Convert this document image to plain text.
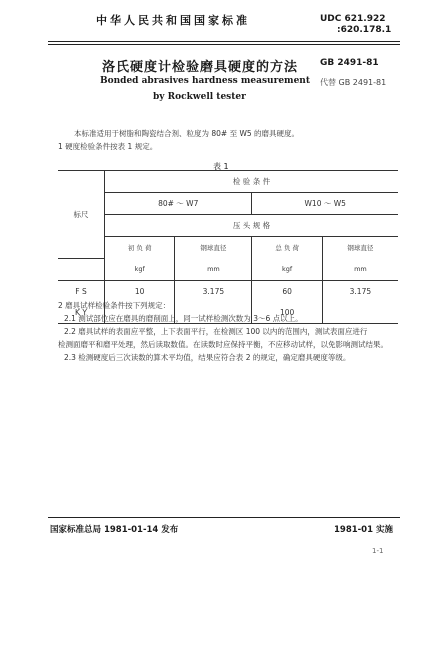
中华人民共和国国家标准	UDC 621.922
:620.178.1
洛氏硬度计检验磨具硬度的方法 GB 2491-81
Bonded abrasives hardness measurement 代替 GB 2491-81
by Rockwell tester
本标准适用于树脂和陶瓷结合剂、粒度为 80# 至 W5 的磨具硬度。
1 硬度检验条件按表 1 规定。
表 1
标尺	检 验 条 件			
	80# ～ W7		W10 ～ W5	
	压 头 规 格			
	初 负 荷	钢球直径	总 负 荷	钢球直径
	kgf	mm	kgf	mm
F S	10	3.175	60	3.175
K Y			100	
2 磨具试样检验条件按下列规定：
2.1 测试部位应在磨具的磨削面上，同一试样检测次数为 3～6 点以上。
2.2 磨具试样的表面应平整，上下表面平行，在检测区 100 以内的范围内，测试表面应进行
检测面磨平和磨平处理，然后读取数值。在读数时应保持平衡，不应移动试样，以免影响测试结果。
2.3 检测硬度后三次读数的算术平均值，结果应符合表 2 的规定，确定磨具硬度等级。
国家标准总局 1981-01-14 发布	1981-01 实施
1-1
